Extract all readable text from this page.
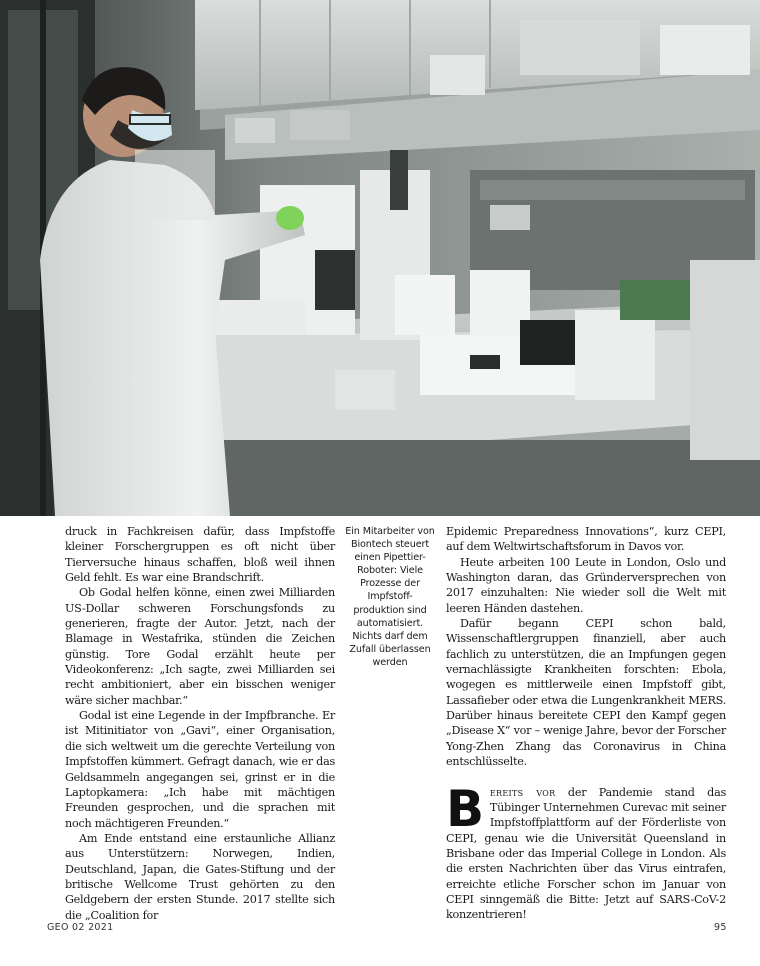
druck in Fachkreisen dafür, dass Impfstoffe kleiner Forschergruppen es oft nicht über Tierversuche hinaus schaffen, bloß weil ihnen Geld fehlt. Es war eine Brandschrift.

Ob Godal helfen könne, einen zwei Milliarden US-Dollar schweren Forschungsfonds zu generieren, fragte der Autor. Jetzt, nach der Blamage in Westafrika, stünden die Zeichen günstig. Tore Godal erzählt heute per Videokonferenz: „Ich sagte, zwei Milliarden sei recht ambitioniert, aber ein bisschen weniger wäre sicher machbar.“

Godal ist eine Legende in der Impfbranche. Er ist Mitinitiator von „Gavi“, einer Organisation, die sich weltweit um die gerechte Verteilung von Impfstoffen kümmert. Gefragt danach, wie er das Geldsammeln angegangen sei, grinst er in die Laptopkamera: „Ich habe mit mächtigen Freunden gesprochen, und die sprachen mit noch mächtigeren Freunden.“

Am Ende entstand eine erstaunliche Allianz aus Unterstützern: Norwegen, Indien, Deutschland, Japan, die Gates-Stiftung und der britische Wellcome Trust gehörten zu den Geldgebern der ersten Stunde. 2017 stellte sich die „Coalition for

Ein Mitarbeiter von Biontech steuert einen Pipettier-Roboter: Viele Prozesse der Impfstoff-produktion sind automatisiert. Nichts darf dem Zufall überlassen werden

Epidemic Preparedness Innovations“, kurz CEPI, auf dem Weltwirtschaftsforum in Davos vor.

Heute arbeiten 100 Leute in London, Oslo und Washington daran, das Gründerversprechen von 2017 einzuhalten: Nie wieder soll die Welt mit leeren Händen dastehen.

Dafür begann CEPI schon bald, Wissenschaftlergruppen finanziell, aber auch fachlich zu unterstützen, die an Impfungen gegen vernachlässigte Krankheiten forschten: Ebola, wogegen es mittlerweile einen Impfstoff gibt, Lassafieber oder etwa die Lungenkrankheit MERS. Darüber hinaus bereitete CEPI den Kampf gegen „Disease X“ vor – wenige Jahre, bevor der Forscher Yong-Zhen Zhang das Coronavirus in China entschlüsselte.

B ereits vor der Pandemie stand das Tübinger Unternehmen Curevac mit seiner Impfstoffplattform auf der Förderliste von CEPI, genau wie die Universität Queensland in Brisbane oder das Imperial College in London. Als die ersten Nachrichten über das Virus eintrafen, erreichte etliche Forscher schon im Januar von CEPI sinngemäß die Bitte: Jetzt auf SARS-CoV-2 konzentrieren!
GEO 02 2021	95
